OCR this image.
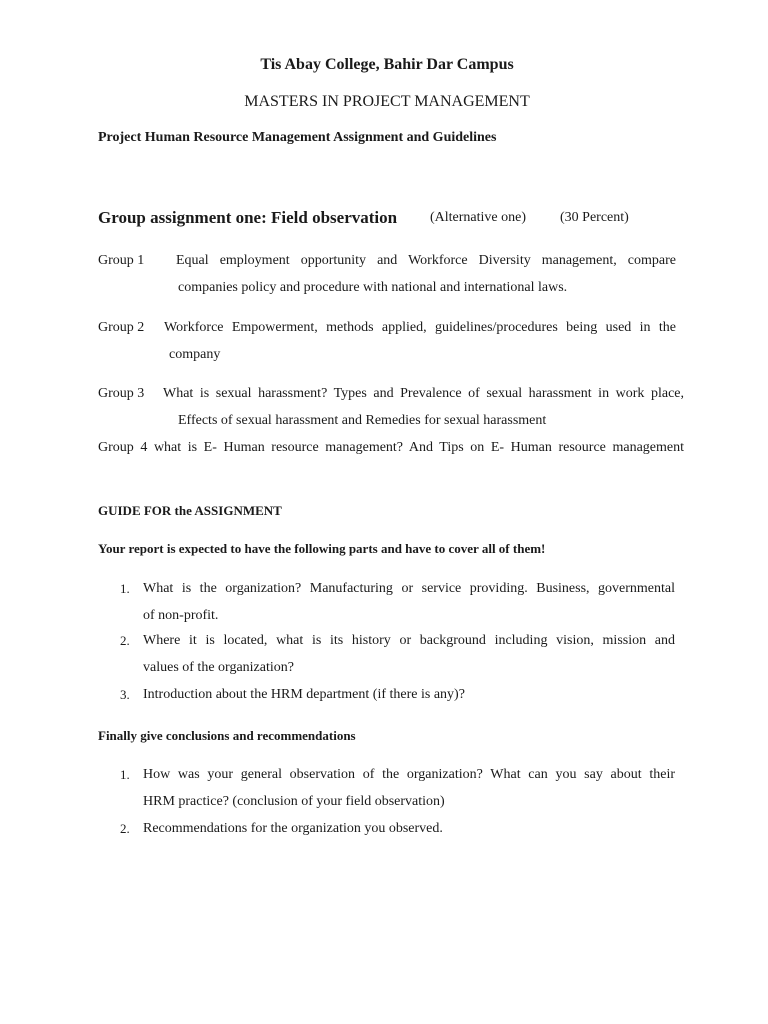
Tis Abay College, Bahir Dar Campus
MASTERS IN PROJECT MANAGEMENT
Project Human Resource Management Assignment and Guidelines
Group assignment one: Field observation (Alternative one) (30 Percent)
Group 1 Equal employment opportunity and Workforce Diversity management, compare
companies policy and procedure with national and international laws.
Group 2 Workforce Empowerment, methods applied, guidelines/procedures being used in the
company
Group 3 What is sexual harassment? Types and Prevalence of sexual harassment in work place,
Effects of sexual harassment and Remedies for sexual harassment
Group 4 what is E- Human resource management? And Tips on E- Human resource management
GUIDE FOR the ASSIGNMENT
Your report is expected to have the following parts and have to cover all of them!
1. What is the organization? Manufacturing or service providing. Business, governmental
of non-profit.
2. Where it is located, what is its history or background including vision, mission and
values of the organization?
3. Introduction about the HRM department (if there is any)?
Finally give conclusions and recommendations
1. How was your general observation of the organization? What can you say about their
HRM practice? (conclusion of your field observation)
2. Recommendations for the organization you observed.
